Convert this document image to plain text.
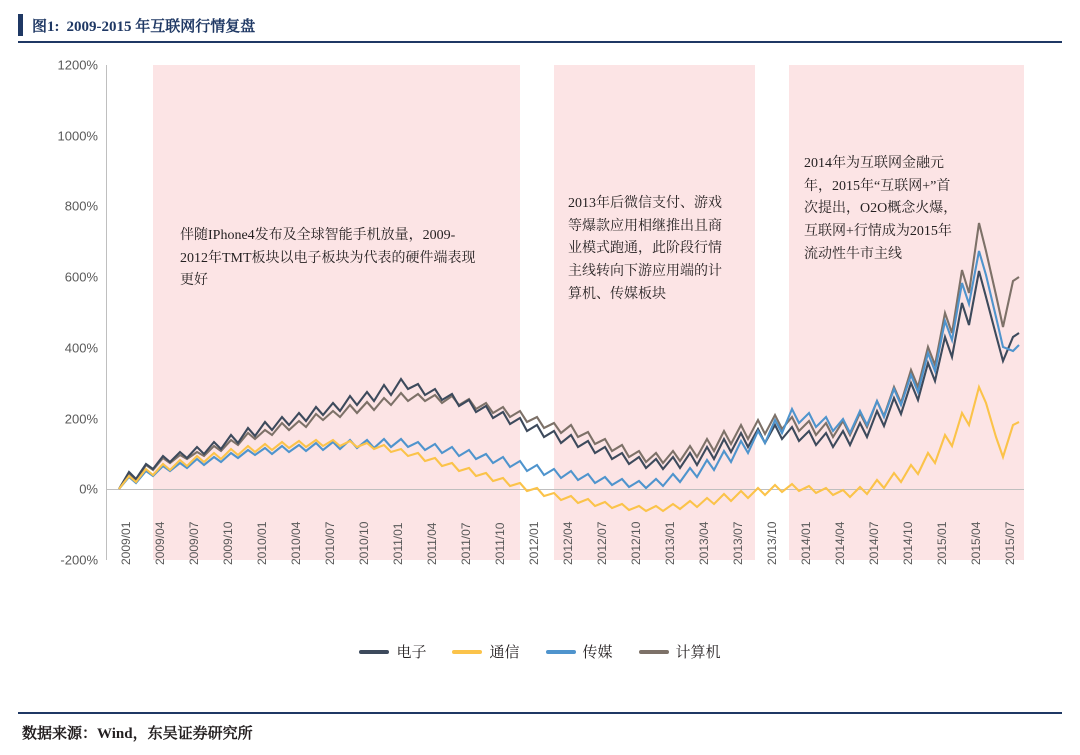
图1: 2009-2015 年互联网行情复盘
1200%
1000%
800%
600%
400%
200%
0%
-200% 2009/01 2009/04 2009/07 2009/10 2010/01 2010/04 2010/07 2010/10 2011/01 2011/04 2011/07 2011/10 2012/01 2012/04 2012/07 2012/10 2013/01 2013/04 2013/07 2013/10 2014/01 2014/04 2014/07 2014/10 2015/01 2015/04 2015/07
伴随IPhone4发布及全球智能手机放量，2009-2012年TMT板块以电子板块为代表的硬件端表现更好
2013年后微信支付、游戏等爆款应用相继推出且商业模式跑通，此阶段行情主线转向下游应用端的计算机、传媒板块
2014年为互联网金融元年，2015年“互联网+”首次提出，O2O概念火爆，互联网+行情成为2015年流动性牛市主线
电子	通信	传媒	计算机
数据来源：Wind，东吴证券研究所
